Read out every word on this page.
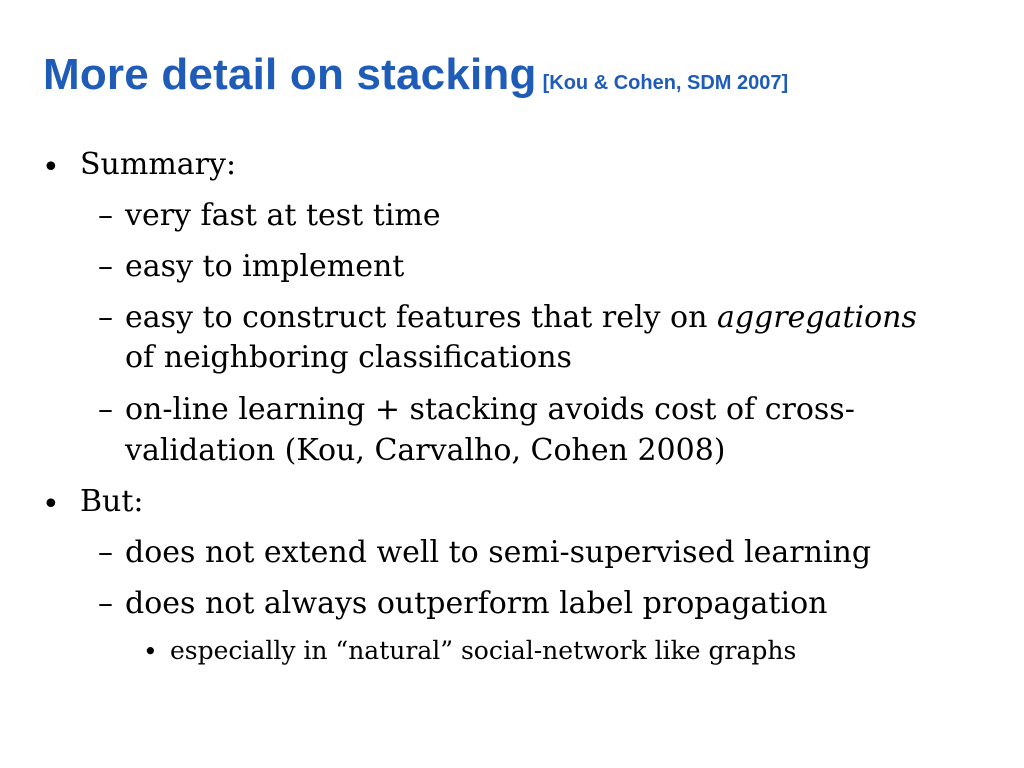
More detail on stacking [Kou & Cohen, SDM 2007]
• Summary:
– very fast at test time
– easy to implement
– easy to construct features that rely on aggregations
of neighboring classifications
– on-line learning + stacking avoids cost of cross-
validation (Kou, Carvalho, Cohen 2008)
• But:
– does not extend well to semi-supervised learning
– does not always outperform label propagation
• especially in “natural” social-network like graphs
